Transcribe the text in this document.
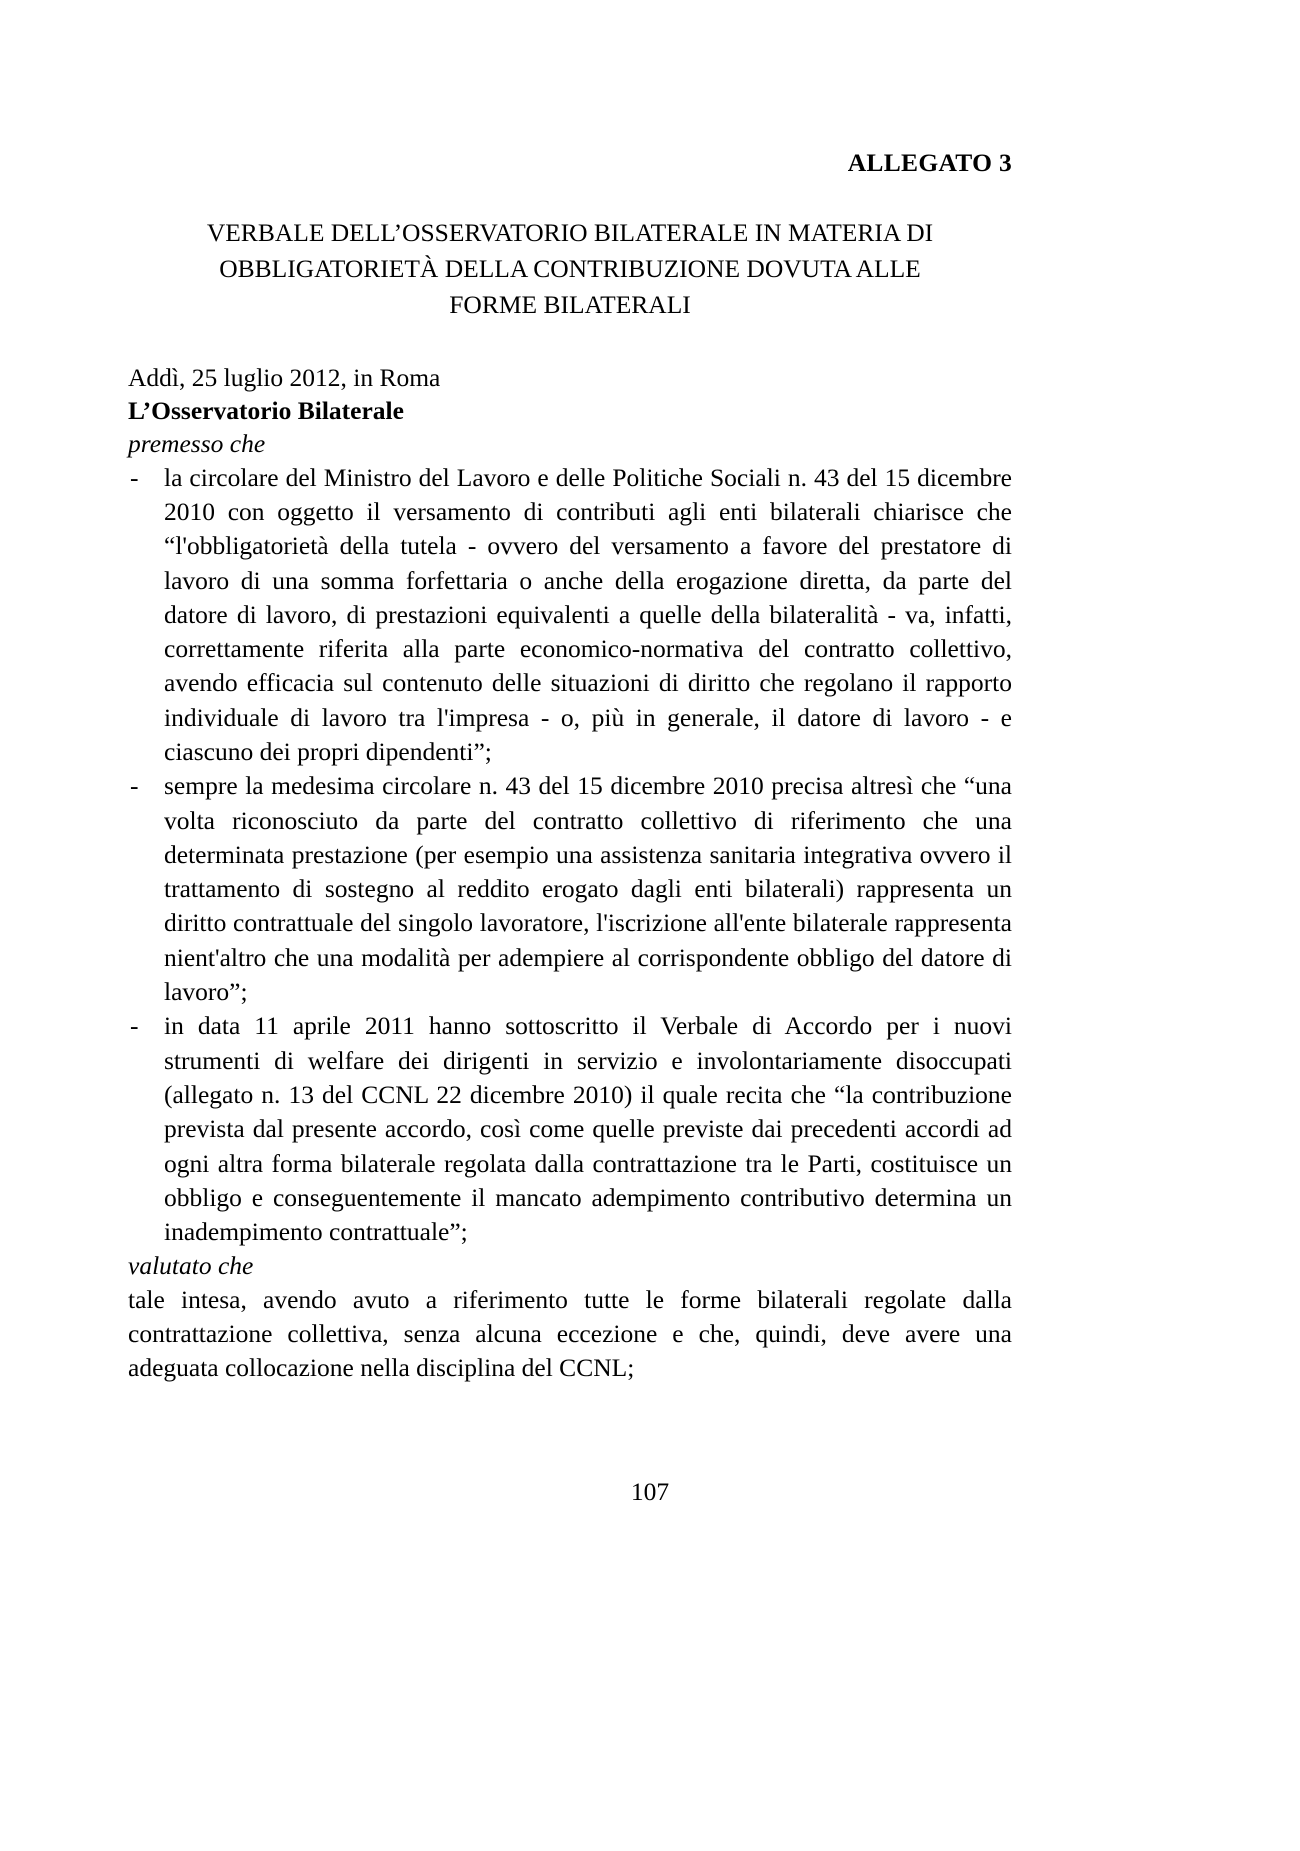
ALLEGATO 3
VERBALE DELL’OSSERVATORIO BILATERALE IN MATERIA DI
OBBLIGATORIETÀ DELLA CONTRIBUZIONE DOVUTA ALLE
FORME BILATERALI
Addì, 25 luglio 2012, in Roma
L’Osservatorio Bilaterale
premesso che
-	la circolare del Ministro del Lavoro e delle Politiche Sociali n. 43 del 15 dicembre 2010 con oggetto il versamento di contributi agli enti bilaterali chiarisce che “l'obbligatorietà della tutela - ovvero del versamento a favore del prestatore di lavoro di una somma forfettaria o anche della erogazione diretta, da parte del datore di lavoro, di prestazioni equivalenti a quelle della bilateralità - va, infatti, correttamente riferita alla parte economico-normativa del contratto collettivo, avendo efficacia sul contenuto delle situazioni di diritto che regolano il rapporto individuale di lavoro tra l'impresa - o, più in generale, il datore di lavoro - e ciascuno dei propri dipendenti”;
-	sempre la medesima circolare n. 43 del 15 dicembre 2010 precisa altresì che “una volta riconosciuto da parte del contratto collettivo di riferimento che una determinata prestazione (per esempio una assistenza sanitaria integrativa ovvero il trattamento di sostegno al reddito erogato dagli enti bilaterali) rappresenta un diritto contrattuale del singolo lavoratore, l'iscrizione all'ente bilaterale rappresenta nient'altro che una modalità per adempiere al corrispondente obbligo del datore di lavoro”;
-	in data 11 aprile 2011 hanno sottoscritto il Verbale di Accordo per i nuovi strumenti di welfare dei dirigenti in servizio e involontariamente disoccupati (allegato n. 13 del CCNL 22 dicembre 2010) il quale recita che “la contribuzione prevista dal presente accordo, così come quelle previste dai precedenti accordi ad ogni altra forma bilaterale regolata dalla contrattazione tra le Parti, costituisce un obbligo e conseguentemente il mancato adempimento contributivo determina un inadempimento contrattuale”;
valutato che
tale intesa, avendo avuto a riferimento tutte le forme bilaterali regolate dalla contrattazione collettiva, senza alcuna eccezione e che, quindi, deve avere una adeguata collocazione nella disciplina del CCNL;
107
